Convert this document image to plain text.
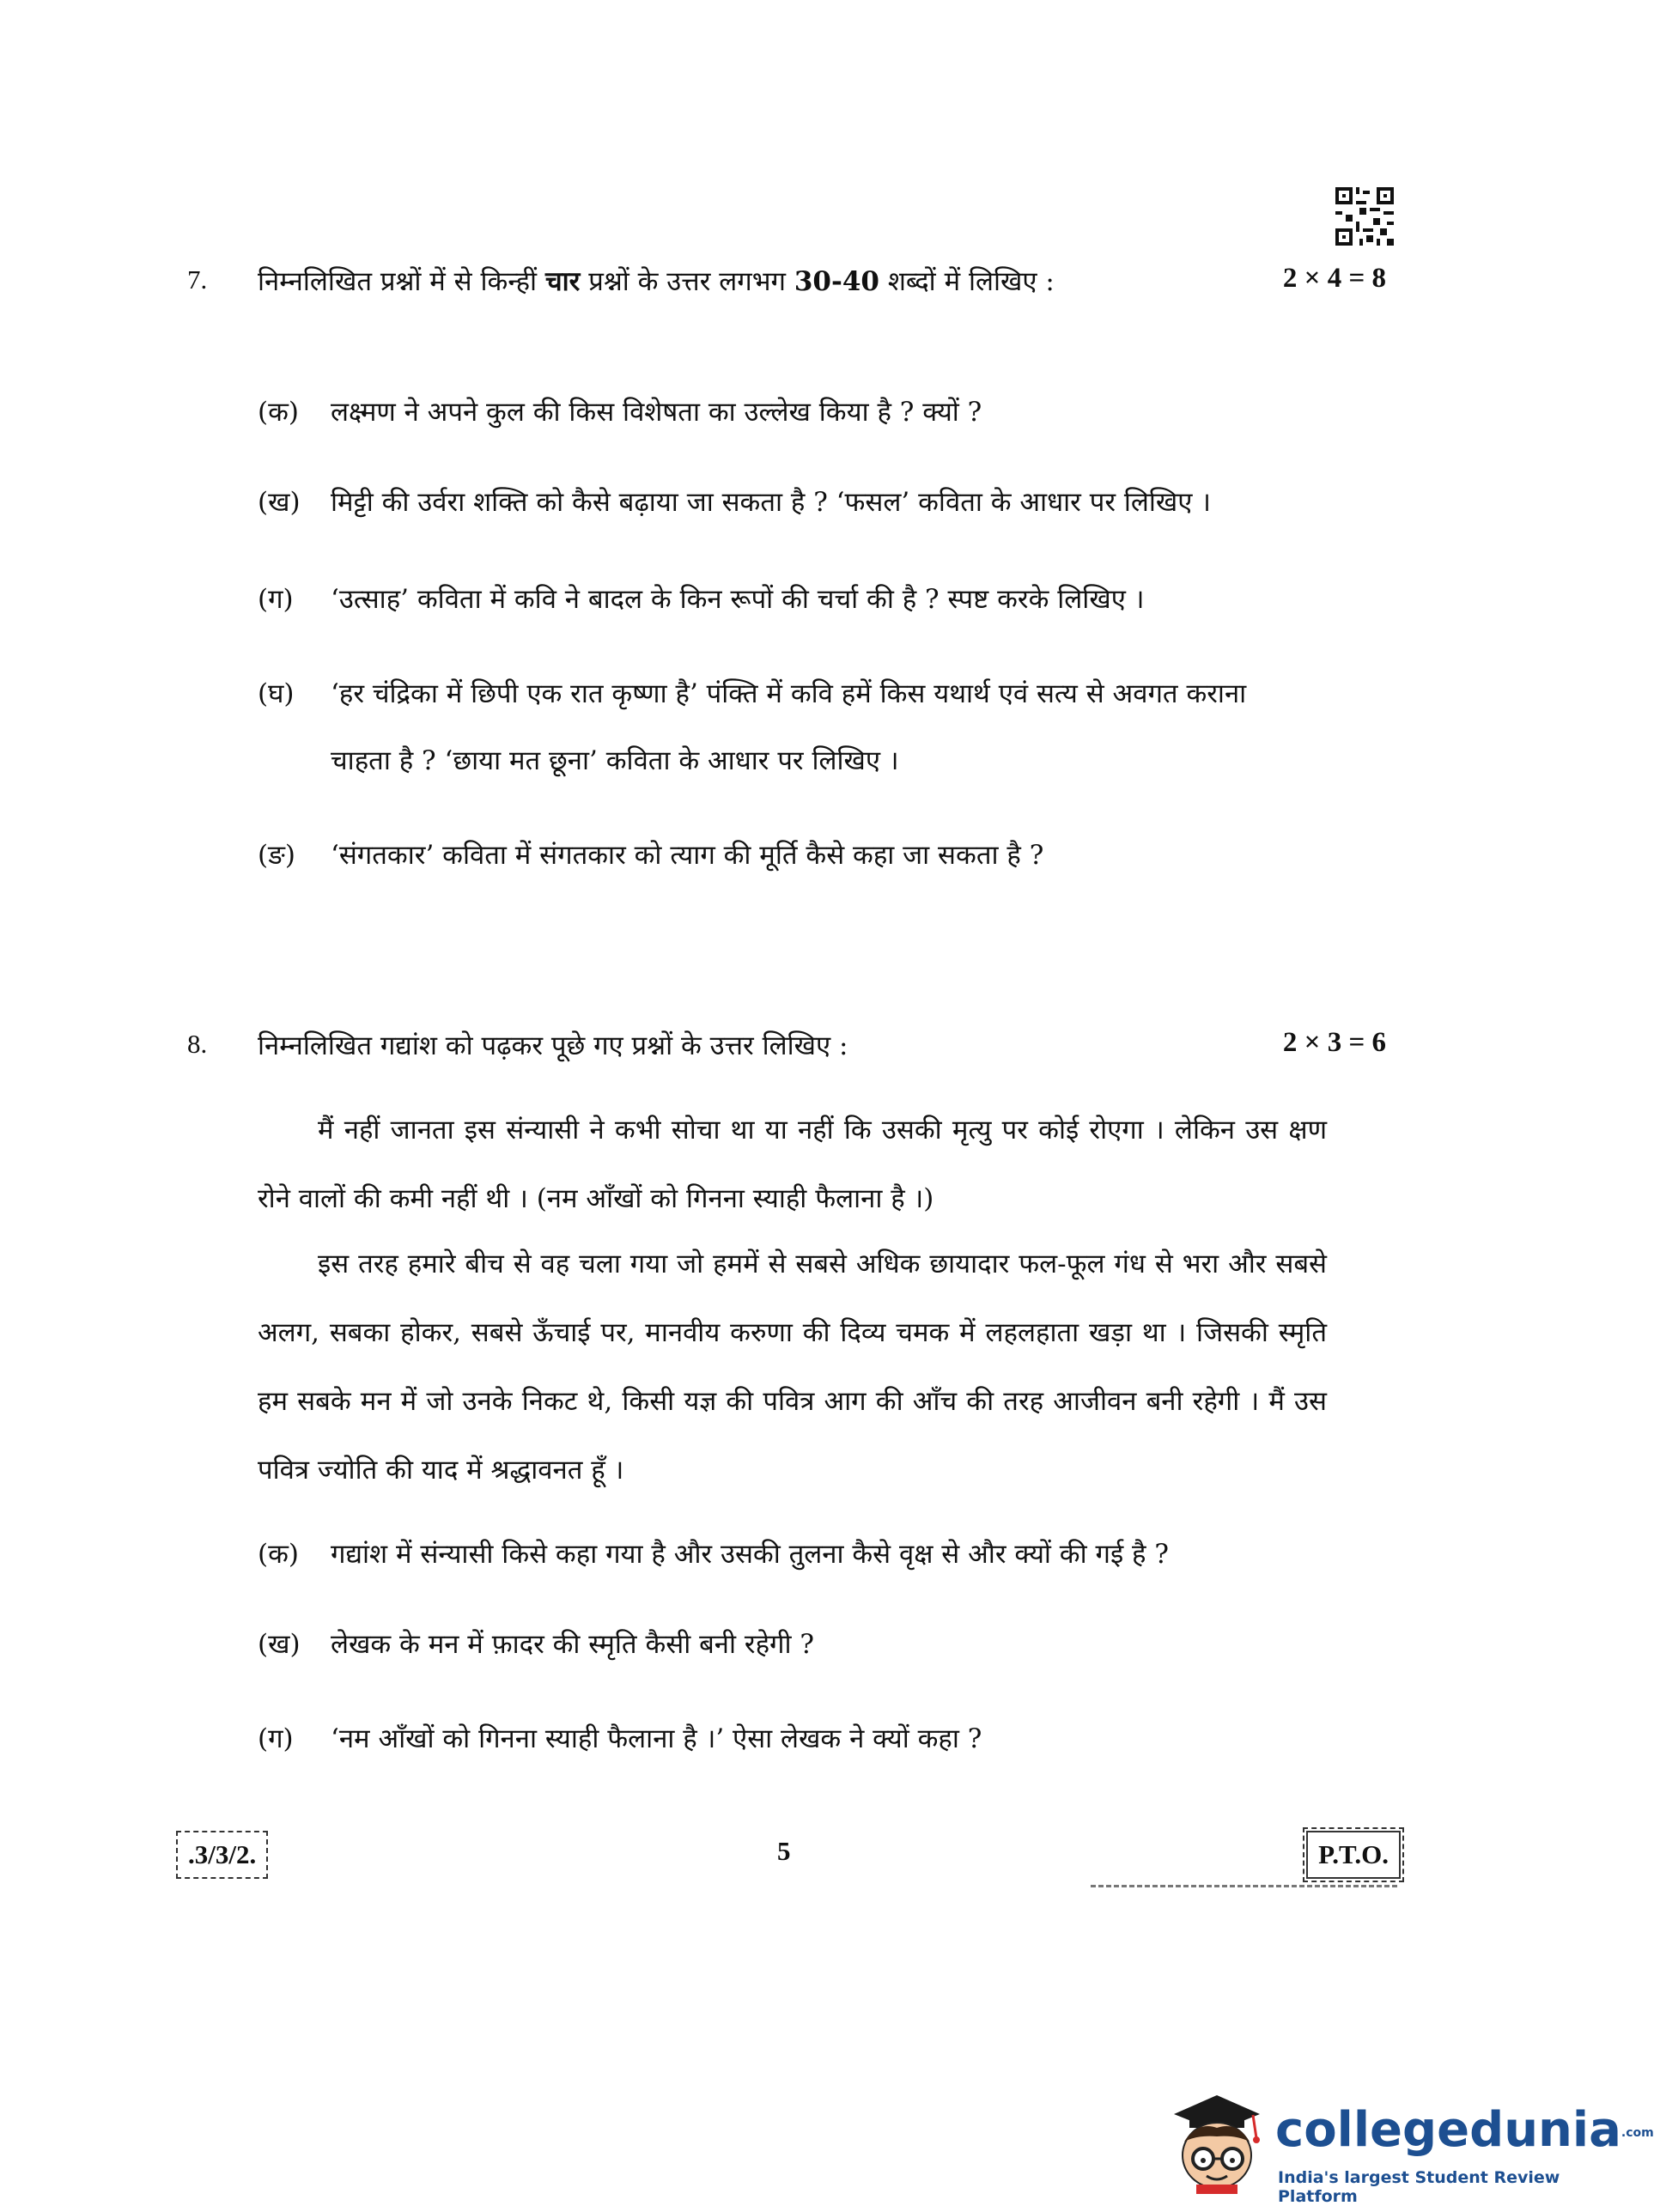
7. निम्नलिखित प्रश्नों में से किन्हीं चार प्रश्नों के उत्तर लगभग 30-40 शब्दों में लिखिए :	2 × 4 = 8
(क)	लक्ष्मण ने अपने कुल की किस विशेषता का उल्लेख किया है ? क्यों ?
(ख)	मिट्टी की उर्वरा शक्ति को कैसे बढ़ाया जा सकता है ? ‘फसल’ कविता के आधार पर लिखिए ।
(ग)	‘उत्साह’ कविता में कवि ने बादल के किन रूपों की चर्चा की है ? स्पष्ट करके लिखिए ।
(घ)	‘हर चंद्रिका में छिपी एक रात कृष्णा है’ पंक्ति में कवि हमें किस यथार्थ एवं सत्य से अवगत कराना
चाहता है ? ‘छाया मत छूना’ कविता के आधार पर लिखिए ।
(ङ)	‘संगतकार’ कविता में संगतकार को त्याग की मूर्ति कैसे कहा जा सकता है ?
8. निम्नलिखित गद्यांश को पढ़कर पूछे गए प्रश्नों के उत्तर लिखिए :	2 × 3 = 6
मैं नहीं जानता इस संन्यासी ने कभी सोचा था या नहीं कि उसकी मृत्यु पर कोई रोएगा । लेकिन उस क्षण रोने वालों की कमी नहीं थी । (नम आँखों को गिनना स्याही फैलाना है ।)
इस तरह हमारे बीच से वह चला गया जो हममें से सबसे अधिक छायादार फल-फूल गंध से भरा और सबसे अलग, सबका होकर, सबसे ऊँचाई पर, मानवीय करुणा की दिव्य चमक में लहलहाता खड़ा था । जिसकी स्मृति हम सबके मन में जो उनके निकट थे, किसी यज्ञ की पवित्र आग की आँच की तरह आजीवन बनी रहेगी । मैं उस पवित्र ज्योति की याद में श्रद्धावनत हूँ ।
(क)	गद्यांश में संन्यासी किसे कहा गया है और उसकी तुलना कैसे वृक्ष से और क्यों की गई है ?
(ख)	लेखक के मन में फ़ादर की स्मृति कैसी बनी रहेगी ?
(ग)	‘नम आँखों को गिनना स्याही फैलाना है ।’ ऐसा लेखक ने क्यों कहा ?
.3/3/2.	5	P.T.O.
collegedunia.com
India's largest Student Review Platform
